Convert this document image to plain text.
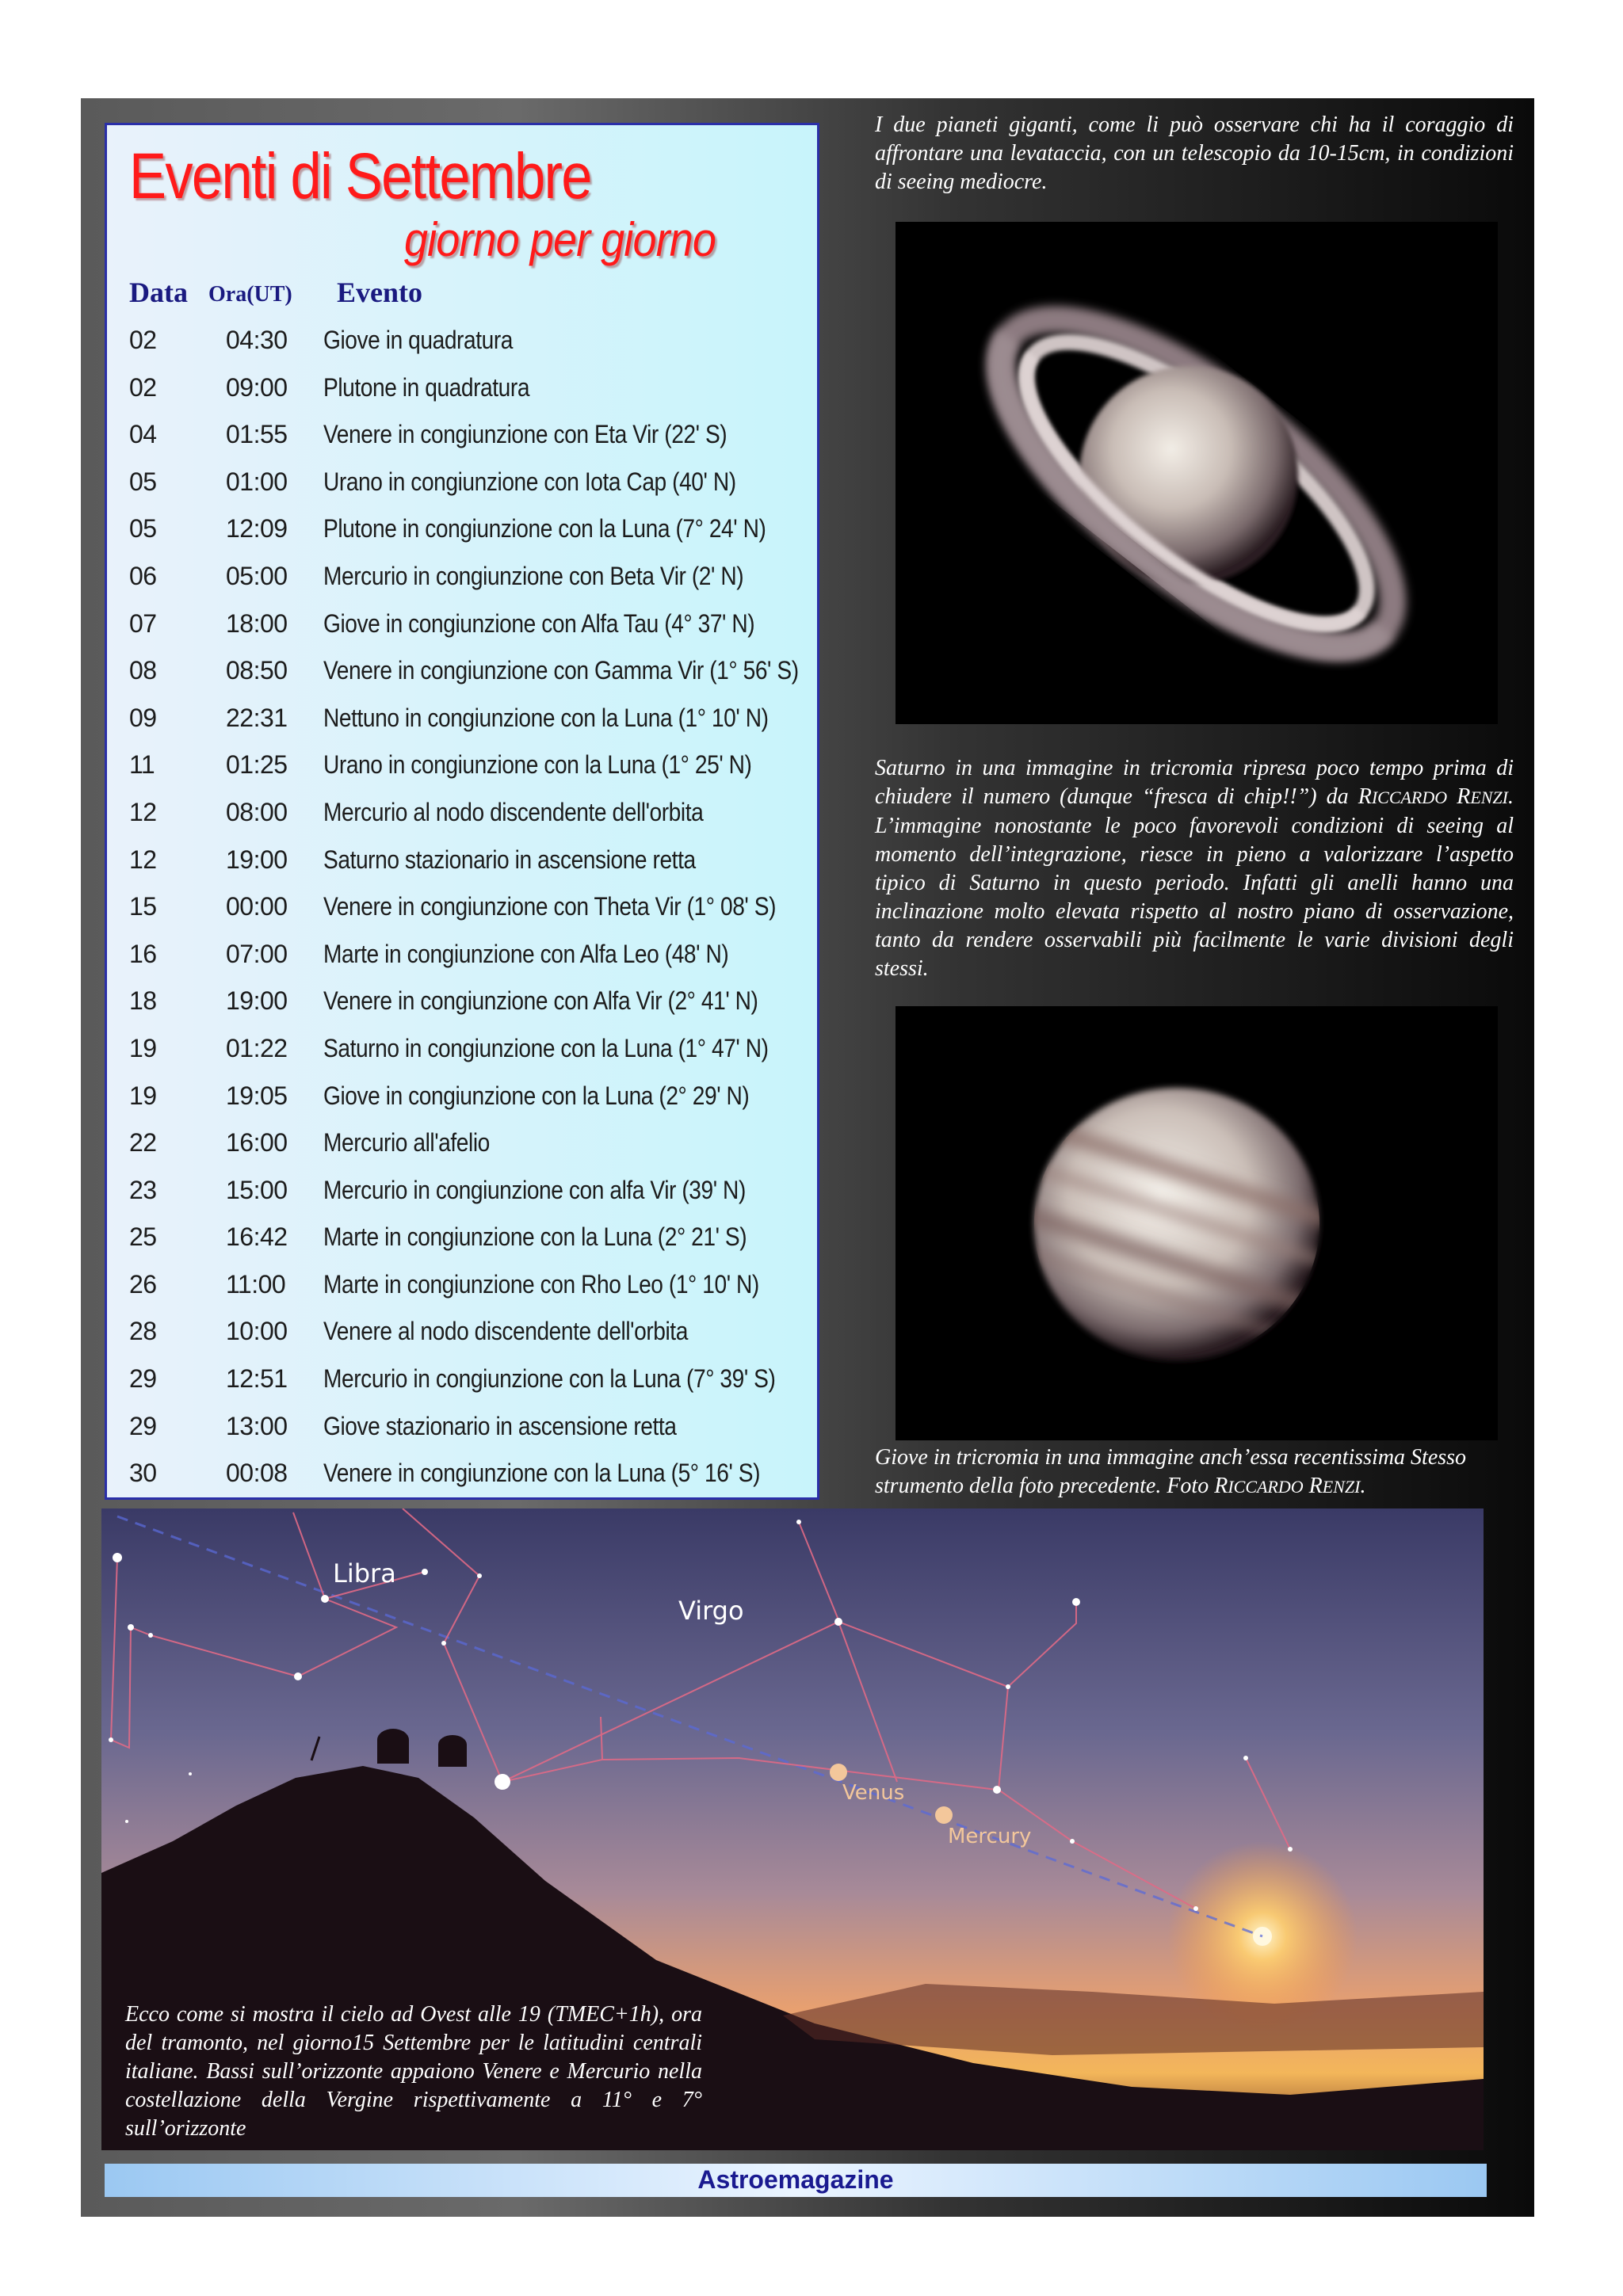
Eventi di Settembre
giorno per giorno
Data Ora(UT) Evento
02	04:30 Giove in quadratura
02	09:00 Plutone in quadratura
04	01:55 Venere in congiunzione con Eta Vir (22' S)
05	01:00 Urano in congiunzione con Iota Cap (40' N)
05	12:09 Plutone in congiunzione con la Luna (7° 24' N)
06	05:00 Mercurio in congiunzione con Beta Vir (2' N)
07	18:00 Giove in congiunzione con Alfa Tau (4° 37' N)
08	08:50 Venere in congiunzione con Gamma Vir (1° 56' S)
09	22:31 Nettuno in congiunzione con la Luna (1° 10' N)
11	01:25 Urano in congiunzione con la Luna (1° 25' N)
12	08:00 Mercurio al nodo discendente dell'orbita
12	19:00 Saturno stazionario in ascensione retta
15	00:00 Venere in congiunzione con Theta Vir (1° 08' S)
16	07:00 Marte in congiunzione con Alfa Leo (48' N)
18	19:00 Venere in congiunzione con Alfa Vir (2° 41' N)
19	01:22 Saturno in congiunzione con la Luna (1° 47' N)
19	19:05 Giove in congiunzione con la Luna (2° 29' N)
22	16:00 Mercurio all'afelio
23	15:00 Mercurio in congiunzione con alfa Vir (39' N)
25	16:42 Marte in congiunzione con la Luna (2° 21' S)
26	11:00 Marte in congiunzione con Rho Leo (1° 10' N)
28	10:00 Venere al nodo discendente dell'orbita
29	12:51 Mercurio in congiunzione con la Luna (7° 39' S)
29	13:00 Giove stazionario in ascensione retta
30	00:08 Venere in congiunzione con la Luna (5° 16' S)

I due pianeti giganti, come li può osservare chi ha il coraggio di affrontare una levataccia, con un telescopio da 10-15cm, in condizioni di seeing mediocre.

Saturno in una immagine in tricromia ripresa poco tempo prima di chiudere il numero (dunque “fresca di chip!!”) da RICCARDO RENZI. L’immagine nonostante le poco favorevoli condizioni di seeing al momento dell’integrazione, riesce in pieno a valorizzare l’aspetto tipico di Saturno in questo periodo. Infatti gli anelli hanno una inclinazione molto elevata rispetto al nostro piano di osservazione, tanto da rendere osservabili più facilmente le varie divisioni degli stessi.

Giove in tricromia in una immagine anch’essa recentissima Stesso strumento della foto precedente. Foto RICCARDO RENZI.

Libra
Virgo
Venus
Mercury

Ecco come si mostra il cielo ad Ovest alle 19 (TMEC+1h), ora del tramonto, nel giorno15 Settembre per le latitudini centrali italiane. Bassi sull’orizzonte appaiono Venere e Mercurio nella costellazione della Vergine rispettivamente a 11° e 7° sull’orizzonte

Astroemagazine
